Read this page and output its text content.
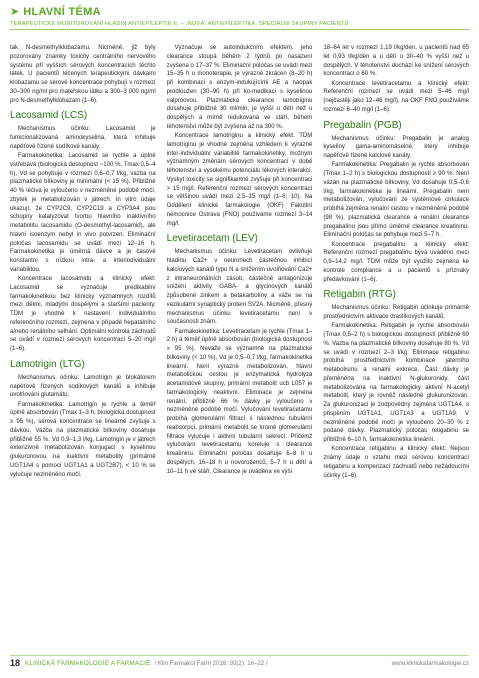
➤ HLAVNÍ TÉMA
TERAPEUTICKÉ MONITOROVÁNÍ HLADIN ANTIEPILEPTIK II. – „NOVÁ“ ANTIEPILEPTIKA, SPECIÁLNÍ SKUPINY PACIENTŮ

tak N-desmethylklobazamu. Nicméně, již byly pozorovány známky toxicity centrálního nervového systému při vyšších sérových koncentracích těchto látek. U pacientů léčených terapeutickými dávkami klobazamu se sérové koncentrace pohybují v rozmezí 30–300 ng/ml pro mateřskou látku a 300–3 000 ng/ml pro N-desmethylklobazam (1–6).

Lacosamid (LCS)

Mechanismus účinku: Lacosamid je funkcionalizovaná aminokyselina, která inhibuje napěťově řízené sodíkové kanály.

Farmakokinetika: Lacosamid se rychle a úplně vstřebává (biologická dostupnost ~100 %, Tmax 0,5–4 h), Vd se pohybuje v rozmezí 0,6–0,7 l/kg, vazba na plazmatické bílkoviny je minimální (< 15 %). Přibližně 40 % léčiva je vyloučeno v nezměněné podobě močí, zbytek je metabolizován v játrech. In vitro údaje ukazují, že CYP2C9, CYP2C19 a CYP3A4 jsou schopny katalyzovat tvorbu hlavního inaktivního metabolitu lacosamidu (O-desmethyl-lacosamid), ale hlavní isoenzym nebyl in vivo potvrzen. Eliminační poločas lacosamidu se uvádí mezi 12–16 h. Farmakokinetika je úměrná dávce a je časově konstantní s nízkou intra- a interindividuální variabilitou.

Koncentrace lacosamidu a klinický efekt: Lacosamid se vyznačuje predikabilní farmakokinetikou bez klinicky významných rozdílů mezi dětmi, mladými dospělými a staršími pacienty. TDM je vhodné k nastavení individuálního referenčního rozmezí, zejména v případě hepatálního a/nebo renálního selhání. Optimální kontrola záchvatů se uvádí v rozmezí sérových koncentrací 5–20 mg/l (1–6).

Lamotrigin (LTG)

Mechanismus účinku: Lamotrigin je blokátorem napěťově řízených sodíkových kanálů a inhibuje uvolňování glutamátu.

Farmakokinetika: Lamotrigin je rychle a téměř úplně absorbován (Tmax 1–3 h, biologická dostupnost ≥ 95 %), sérová koncentrace se lineárně zvyšuje s dávkou. Vazba na plazmatické bílkoviny dosahuje přibližně 55 %, Vd 0,9–1,3 l/kg. Lamotrigin je v játrech extenzivně metabolizován konjugací s kyselinou glukuronovou na inaktivní metabolity (primárně UGT1A4 s pomocí UGT1A1 a UGT2B7), < 10 % se vylučuje nezměněno močí.

Vyznačuje se autoindukčním efektem, jeho clearance stoupá běhěm 2 týdnů po nasazení zvýšena o 17–37 %. Eliminační poločas se uvádí mezi 15–35 h u monoterapie, je výrazně zkrácen (8–20 h) při kombinaci s enzym-indukujícími AE a naopak prodloužen (30–90 h) při ko-medikaci s kyselinou valproovou. Plazmatická clearance lamotriginu dosahuje přibližně 30 ml/min, je vyšší u dětí než u dospělých a mírně redukovaná ve stáří, během těhotenství může být zvýšena až na 300 %.

Koncentrace lamotriginu a klinický efekt: TDM lamotriginu je vhodné zejména vzhledem k výrazné inter-individuální variabilitě farmakokinetiky, možným významným změnám sérových koncentrací v době těhotenství a vysokému potenciálu lékových interakcí. Vyskyt toxicity se signifikantně zvyšuje při koncentraci > 15 mg/l. Referenční rozmezí sérových koncentrací se většinou uvádí mezi 2,5–15 mg/l (1–6; 10). Na Oddělení klinické farmakologie (OKF) Fakultní nemocnice Ostrava (FNO) používáme rozmezí 3–14 mg/l.

Levetiracetam (LEV)

Mechanismus účinku: Levetiracetam ovlivňuje hladinu Ca2+ v neuronech částečnou inhibicí kalciových kanálů typu N a snížením uvolňování Ca2+ z intraneuronálních zásob, částečně antagonizuje snížení aktivity GABA- a glycinových kanálů způsobené zinkem a betakarbolíny a váže se na vezikulární synaptický protein SV2A. Nicméně, přesný mechanismus účinku levetiracetamu není v současnosti znám.

Farmakokinetika: Levetiracetam je rychle (Tmax 1–2 h) a téměř úplně absorbován (biologická dostupnost ≥ 95 %). Neváže se významně na plazmatické bílkoviny (< 10 %), Vd je 0,5–0,7 l/kg, farmakokinetika lineární. Není výrazně metabolizován, hlavní metabolickou cestou je enzymatická hydrolýza acetamidové skupiny, primární metabolit ucb L057 je farmakologicky neaktivní. Eliminace je zejména renální, přibližně 66 % dávky je vyloučeno v nezměněné podobě močí. Vylučování levetiracetamu probíhá glomerulární filtrací s následnou tubulární reabsorpcí, primární metabolit se kromě glomerulární filtrace vylučuje i aktivní tubulární sekrecí. Přičemž vylučování levetiracetamu koreluje s clearance kreatininu. Eliminační poločas dosahuje 6–8 h u dospělých, 16–18 h u novorozenců, 5–7 h u dětí a 10–11 h ve stáří. Clearance je uváděna ve výši

18–64 let v rozmezí 1,19 l/kg/den, u pacientů nad 65 let 0,93 l/kg/den a u dětí o 30–40 % vyšší než u dospělých. V těhotenství dochází ke snížení sérových koncentrací o 60 %.

Koncentrace levetiracetamu a klinický efekt: Referenční rozmezí se uvádí mezi 5–46 mg/l (nejčastěji jako 12–46 mg/l), na OKF FNO používáme rozmezí 6–40 mg/l (1–6).

Pregabalin (PGB)

Mechanismus účinku: Pregabalin je analog kyseliny gama-aminomáselné, který inhibuje napěťově řízené kalciové kanály.

Farmakokinetika: Pregabalin je rychle absorbován (Tmax 1–2 h) s biologickou dostupností ≥ 90 %. Není vázán na plazmatické bílkoviny, Vd dosahuje 0,5–0,6 l/kg, farmakokinetika je lineární. Pregabalin není metabolizován, vylučování ze systémové cirkulace probíhá zejména renální cestou v nezměněné podobě (98 %), plazmatická clearance a renální clearance pregabalinu jsou přímo úměrné clearance kreatininu. Eliminační poločas se pohybuje mezi 5–7 h.

Koncentrace pregabalinu a klinický efekt: Referenční rozmezí pregabalinu bývá uváděno mezi 0,9–14,2 mg/l. TDM může být využito zejména ke kontrole compliance a u pacientů s příznaky předávkování (1–6).

Retigabin (RTG)

Mechanismus účinku: Retigabin účinkuje primárně prostřednictvím aktivace draslíkových kanálů.

Farmakokinetika: Retigabin je rychle absorbován (Tmax 0,5–2 h) s biologickou dostupností přibližně 60 %. Vazba na plazmatické bílkoviny dosahuje 80 %, Vd se uvádí v rozmezí 2–3 l/kg. Eliminace retigabinu probíhá prostřednictvím kombinace jaterního metabolismu a renální exkrece. Část dávky je přeměněna na inaktivní N-glukuronidy, část metabolizována na farmakologicky aktivní N-acetyl metabolit, který je rovněž následně glukuronizován. Za glukuronizaci je zodpovědný zejména UGT1A4, s přispěním UGT1A1, UGT1A3 a UGT1A9. V nezměněné podobě močí je vyloučeno 20–30 % z podané dávky. Plazmatický poločas retigabinu se přibližně 6–10 h, farmakokinetika lineární.

Koncentrace retigabinu a klinický efekt: Nejsou známy údaje o vztahu mezi sérovou koncentrací retigabinu a kompenzací záchvatů nebo nežádoucími účinky (1–6).

18 KLINICKÁ FARMAKOLOGIE A FARMACIE / Klin Farmakol Farm 2016; 30(2): 16–22 /	www.klinickafarmakologie.cz
